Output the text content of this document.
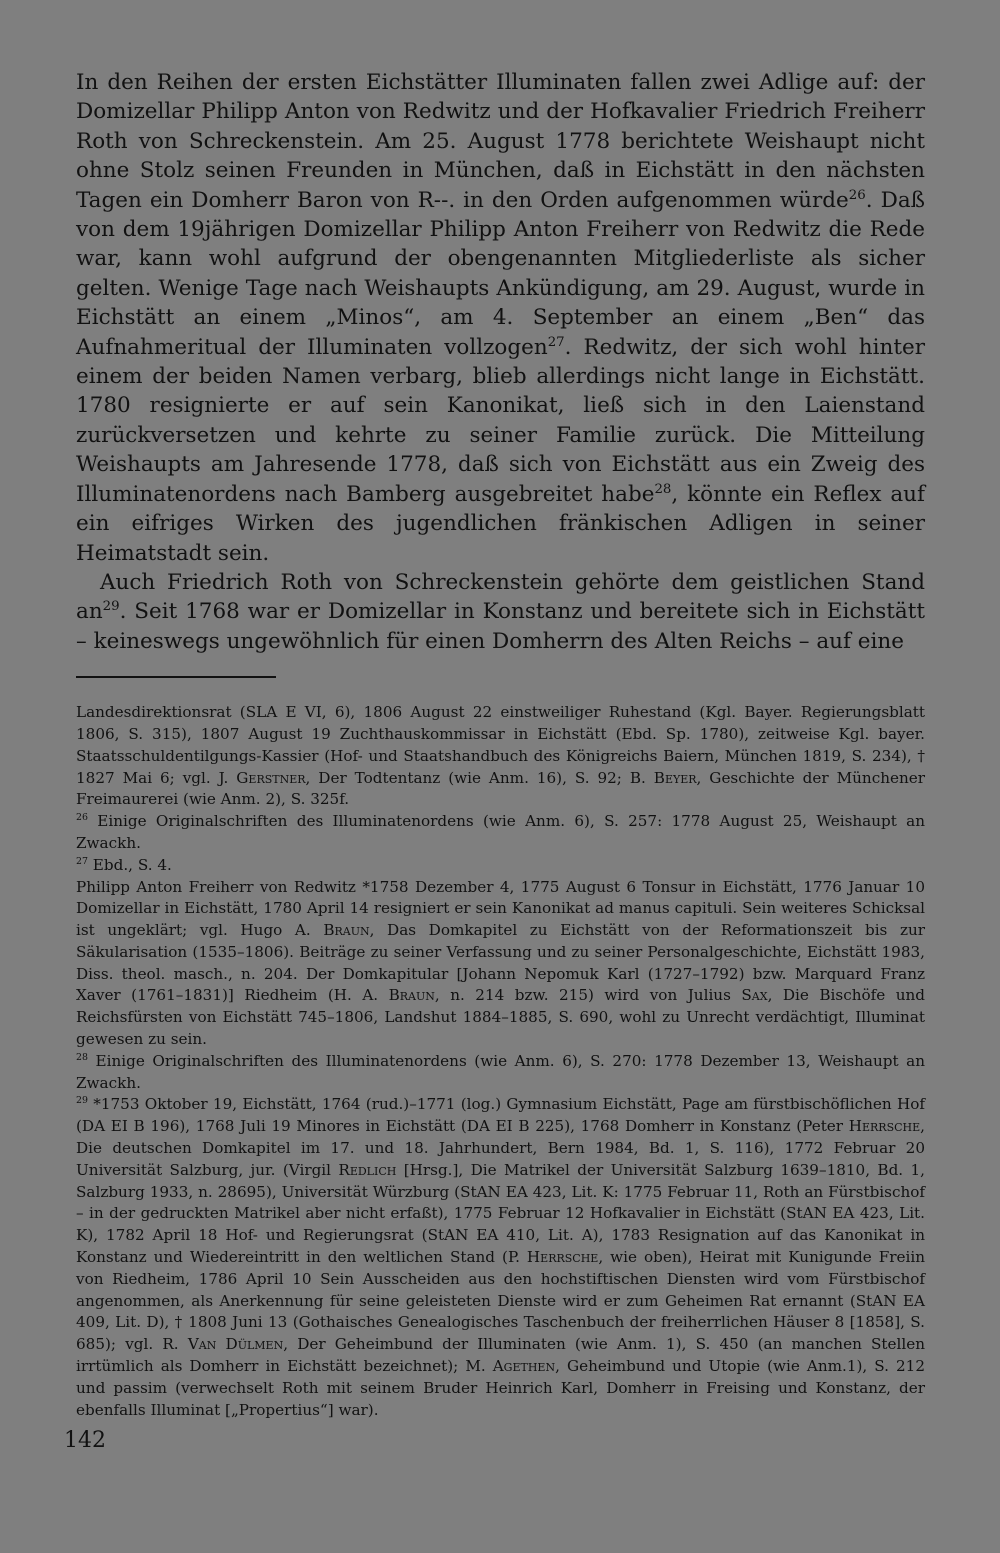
In den Reihen der ersten Eichstätter Illuminaten fallen zwei Adlige auf: der Domizellar Philipp Anton von Redwitz und der Hofkavalier Friedrich Freiherr Roth von Schreckenstein. Am 25. August 1778 berichtete Weishaupt nicht ohne Stolz seinen Freunden in München, daß in Eichstätt in den nächsten Tagen ein Domherr Baron von R--. in den Orden aufgenommen würde$^{26}$. Daß von dem 19jährigen Domizellar Philipp Anton Freiherr von Redwitz die Rede war, kann wohl aufgrund der obengenannten Mitgliederliste als sicher gelten. Wenige Tage nach Weishaupts Ankündigung, am 29. August, wurde in Eichstätt an einem „Minos“, am 4. September an einem „Ben“ das Aufnahmeritual der Illuminaten vollzogen$^{27}$. Redwitz, der sich wohl hinter einem der beiden Namen verbarg, blieb allerdings nicht lange in Eichstätt. 1780 resignierte er auf sein Kanonikat, ließ sich in den Laienstand zurückversetzen und kehrte zu seiner Familie zurück. Die Mitteilung Weishaupts am Jahresende 1778, daß sich von Eichstätt aus ein Zweig des Illuminatenordens nach Bamberg ausgebreitet habe$^{28}$, könnte ein Reflex auf ein eifriges Wirken des jugendlichen fränkischen Adligen in seiner Heimatstadt sein.

Auch Friedrich Roth von Schreckenstein gehörte dem geistlichen Stand $an^{29}$. Seit 1768 war er Domizellar in Konstanz und bereitete sich in Eichstätt – keineswegs ungewöhnlich für einen Domherrn des Alten Reichs – auf eine

Landesdirektionsrat (SLA E VI, 6), 1806 August 22 einstweiliger Ruhestand (Kgl. Bayer. Regierungsblatt 1806, S. 315), 1807 August 19 Zuchthauskommissar in Eichstätt (Ebd. Sp. 1780), zeitweise Kgl. bayer. Staatsschuldentilgungs-Kassier (Hof- und Staatshandbuch des Königreichs Baiern, München 1819, S. 234), † 1827 Mai 6; vgl. J. Gerstner, Der Todtentanz (wie Anm. 16), S. 92; B. Beyer, Geschichte der Münchener Freimaurerei (wie Anm. 2), S. 325f.

$^{26}$ Einige Originalschriften des Illuminatenordens (wie Anm. 6), S. 257: 1778 August 25, Weishaupt an Zwackh.

$^{27}$ Ebd., S. 4.

Philipp Anton Freiherr von Redwitz *1758 Dezember 4, 1775 August 6 Tonsur in Eichstätt, 1776 Januar 10 Domizellar in Eichstätt, 1780 April 14 resigniert er sein Kanonikat ad manus capituli. Sein weiteres Schicksal ist ungeklärt; vgl. Hugo A. Braun, Das Domkapitel zu Eichstätt von der Reformationszeit bis zur Säkularisation (1535–1806). Beiträge zu seiner Verfassung und zu seiner Personalgeschichte, Eichstätt 1983, Diss. theol. masch., n. 204. Der Domkapitular [Johann Nepomuk Karl (1727–1792) bzw. Marquard Franz Xaver (1761–1831)] Riedheim (H. A. Braun, n. 214 bzw. 215) wird von Julius Sax, Die Bischöfe und Reichsfürsten von Eichstätt 745–1806, Landshut 1884–1885, S. 690, wohl zu Unrecht verdächtigt, Illuminat gewesen zu sein.

$^{28}$ Einige Originalschriften des Illuminatenordens (wie Anm. 6), S. 270: 1778 Dezember 13, Weishaupt an Zwackh.

$^{29}$ *1753 Oktober 19, Eichstätt, 1764 (rud.)–1771 (log.) Gymnasium Eichstätt, Page am fürstbischöflichen Hof (DA EI B 196), 1768 Juli 19 Minores in Eichstätt (DA EI B 225), 1768 Domherr in Konstanz (Peter Herrsche, Die deutschen Domkapitel im 17. und 18. Jahrhundert, Bern 1984, Bd. 1, S. 116), 1772 Februar 20 Universität Salzburg, jur. (Virgil Redlich [Hrsg.], Die Matrikel der Universität Salzburg 1639–1810, Bd. 1, Salzburg 1933, n. 28695), Universität Würzburg (StAN EA 423, Lit. K: 1775 Februar 11, Roth an Fürstbischof – in der gedruckten Matrikel aber nicht erfaßt), 1775 Februar 12 Hofkavalier in Eichstätt (StAN EA 423, Lit. K), 1782 April 18 Hof- und Regierungsrat (StAN EA 410, Lit. A), 1783 Resignation auf das Kanonikat in Konstanz und Wiedereintritt in den weltlichen Stand (P. Herrsche, wie oben), Heirat mit Kunigunde Freiin von Riedheim, 1786 April 10 Sein Ausscheiden aus den hochstiftischen Diensten wird vom Fürstbischof angenommen, als Anerkennung für seine geleisteten Dienste wird er zum Geheimen Rat ernannt (StAN EA 409, Lit. D), † 1808 Juni 13 (Gothaisches Genealogisches Taschenbuch der freiherrlichen Häuser 8 [1858], S. 685); vgl. R. Van Dülmen, Der Geheimbund der Illuminaten (wie Anm. 1), S. 450 (an manchen Stellen irrtümlich als Domherr in Eichstätt bezeichnet); M. Agethen, Geheimbund und Utopie (wie Anm.1), S. 212 und passim (verwechselt Roth mit seinem Bruder Heinrich Karl, Domherr in Freising und Konstanz, der ebenfalls Illuminat [„Propertius“] war).

142
